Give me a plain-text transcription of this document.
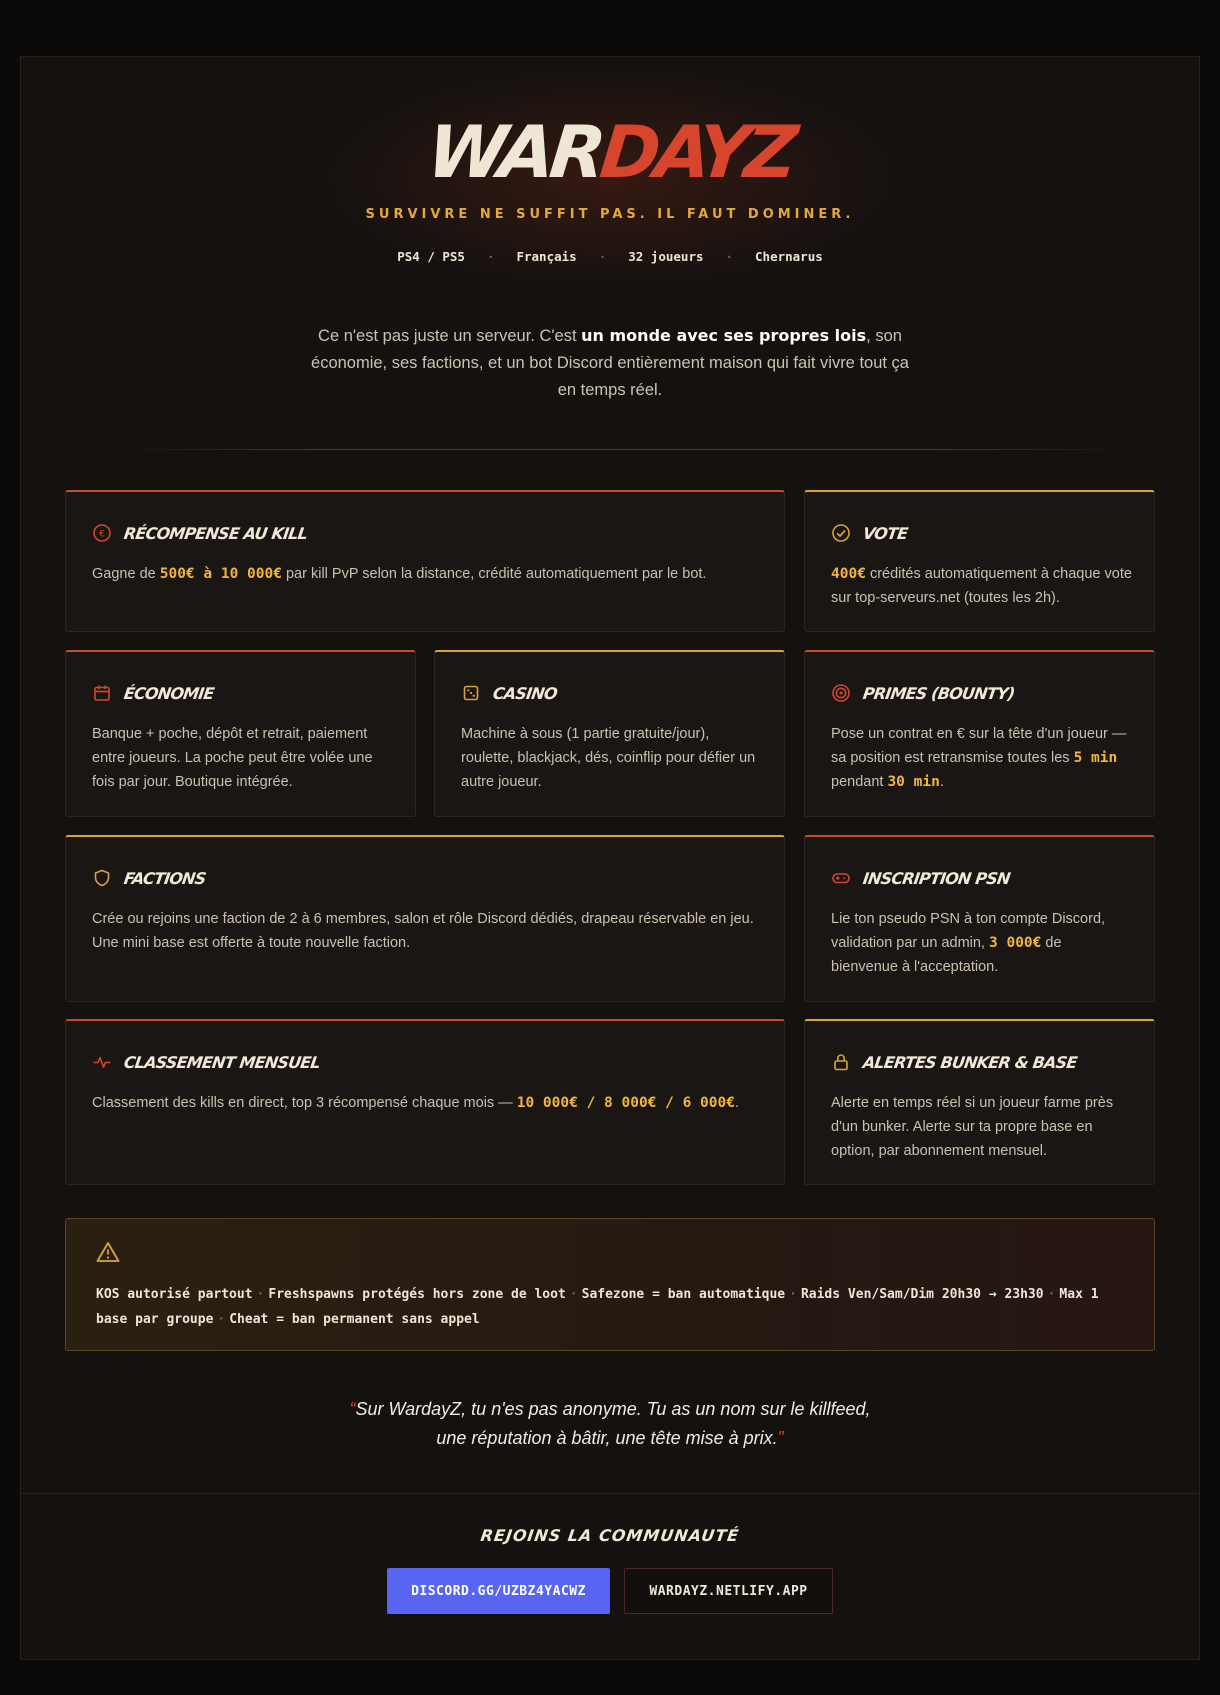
WARDAYZ
SURVIVRE NE SUFFIT PAS. IL FAUT DOMINER.
PS4 / PS5 · Français · 32 joueurs · Chernarus

Ce n'est pas juste un serveur. C'est un monde avec ses propres lois, son économie, ses factions, et un bot Discord entièrement maison qui fait vivre tout ça en temps réel.

€ RÉCOMPENSE AU KILL

Gagne de 500€ à 10 000€ par kill PvP selon la distance, crédité automatiquement par le bot.

VOTE

400€ crédités automatiquement à chaque vote sur top-serveurs.net (toutes les 2h).

ÉCONOMIE

Banque + poche, dépôt et retrait, paiement entre joueurs. La poche peut être volée une fois par jour. Boutique intégrée.

CASINO

Machine à sous (1 partie gratuite/jour), roulette, blackjack, dés, coinflip pour défier un autre joueur.

PRIMES (BOUNTY)

Pose un contrat en € sur la tête d'un joueur — sa position est retransmise toutes les 5 min pendant 30 min.

FACTIONS

Crée ou rejoins une faction de 2 à 6 membres, salon et rôle Discord dédiés, drapeau réservable en jeu. Une mini base est offerte à toute nouvelle faction.

INSCRIPTION PSN

Lie ton pseudo PSN à ton compte Discord, validation par un admin, 3 000€ de bienvenue à l'acceptation.

CLASSEMENT MENSUEL

Classement des kills en direct, top 3 récompensé chaque mois — 10 000€ / 8 000€ / 6 000€.

ALERTES BUNKER & BASE

Alerte en temps réel si un joueur farme près d'un bunker. Alerte sur ta propre base en option, par abonnement mensuel.

KOS autorisé partout · Freshspawns protégés hors zone de loot · Safezone = ban automatique · Raids Ven/Sam/Dim 20h30 → 23h30 · Max 1 base par groupe · Cheat = ban permanent sans appel

“Sur WardayZ, tu n'es pas anonyme. Tu as un nom sur le killfeed, une réputation à bâtir, une tête mise à prix.”

REJOINS LA COMMUNAUTÉ
DISCORD.GG/UZBZ4YACWZ	WARDAYZ.NETLIFY.APP
